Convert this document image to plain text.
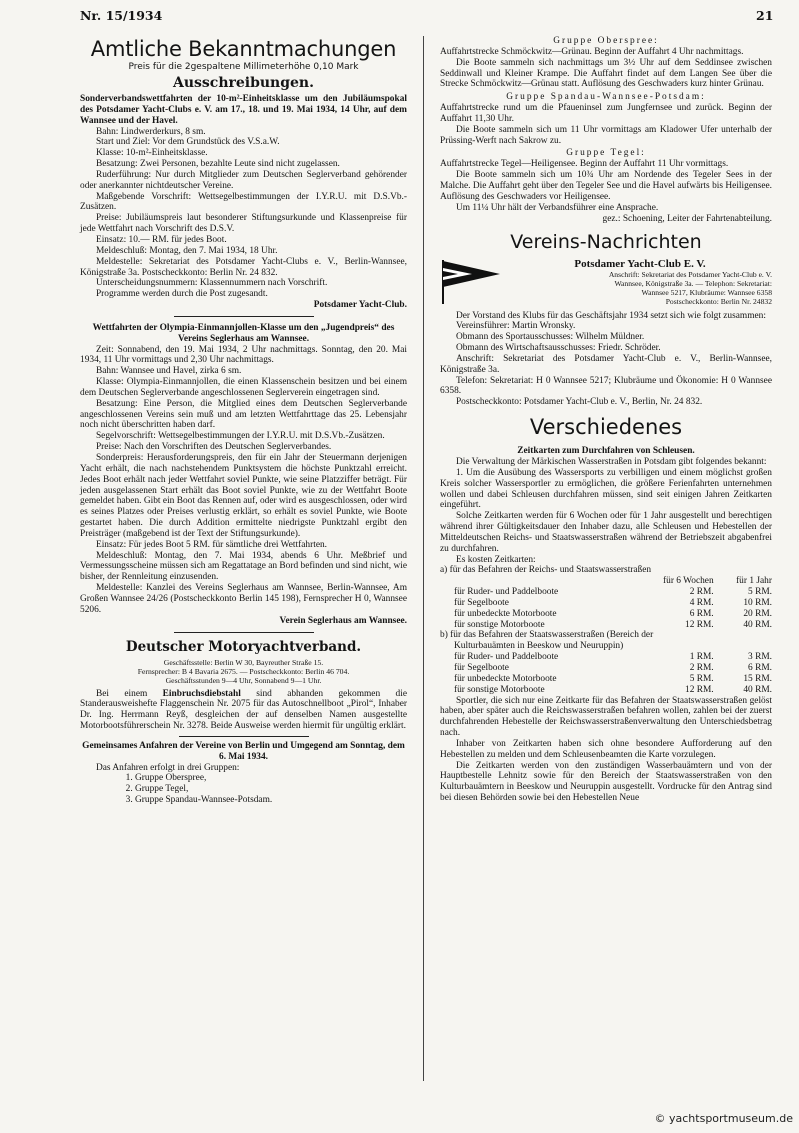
Nr. 15/1934	21
Amtliche Bekanntmachungen
Preis für die 2gespaltene Millimeterhöhe 0,10 Mark
Ausschreibungen.

Sonderverbandswettfahrten der 10-m²-Einheitsklasse um den Jubiläumspokal des Potsdamer Yacht-Clubs e. V. am 17., 18. und 19. Mai 1934, 14 Uhr, auf dem Wannsee und der Havel.

Bahn: Lindwerderkurs, 8 sm.

Start und Ziel: Vor dem Grundstück des V.S.a.W.

Klasse: 10-m²-Einheitsklasse.

Besatzung: Zwei Personen, bezahlte Leute sind nicht zugelassen.

Ruderführung: Nur durch Mitglieder zum Deutschen Seglerverband gehörender oder anerkannter nichtdeutscher Vereine.

Maßgebende Vorschrift: Wettsegelbestimmungen der I.Y.R.U. mit D.S.Vb.-Zusätzen.

Preise: Jubiläumspreis laut besonderer Stiftungsurkunde und Klassenpreise für jede Wettfahrt nach Vorschrift des D.S.V.

Einsatz: 10.— RM. für jedes Boot.

Meldeschluß: Montag, den 7. Mai 1934, 18 Uhr.

Meldestelle: Sekretariat des Potsdamer Yacht-Clubs e. V., Berlin-Wannsee, Königstraße 3a. Postscheckkonto: Berlin Nr. 24 832.

Unterscheidungsnummern: Klassennummern nach Vorschrift.

Programme werden durch die Post zugesandt.

Potsdamer Yacht-Club.

Wettfahrten der Olympia-Einmannjollen-Klasse um den „Jugendpreis“ des Vereins Seglerhaus am Wannsee.

Zeit: Sonnabend, den 19. Mai 1934, 2 Uhr nachmittags. Sonntag, den 20. Mai 1934, 11 Uhr vormittags und 2,30 Uhr nachmittags.

Bahn: Wannsee und Havel, zirka 6 sm.

Klasse: Olympia-Einmannjollen, die einen Klassenschein besitzen und bei einem dem Deutschen Seglerverbande angeschlossenen Seglerverein eingetragen sind.

Besatzung: Eine Person, die Mitglied eines dem Deutschen Seglerverbande angeschlossenen Vereins sein muß und am letzten Wettfahrttage das 25. Lebensjahr noch nicht überschritten haben darf.

Segelvorschrift: Wettsegelbestimmungen der I.Y.R.U. mit D.S.Vb.-Zusätzen.

Preise: Nach den Vorschriften des Deutschen Seglerverbandes.

Sonderpreis: Herausforderungspreis, den für ein Jahr der Steuermann derjenigen Yacht erhält, die nach nachstehendem Punktsystem die höchste Punktzahl erreicht. Jedes Boot erhält nach jeder Wettfahrt soviel Punkte, wie seine Platzziffer beträgt. Für jeden ausgelassenen Start erhält das Boot soviel Punkte, wie zu der Wettfahrt Boote gemeldet haben. Gibt ein Boot das Rennen auf, oder wird es ausgeschlossen, oder wird es seines Platzes oder Preises verlustig erklärt, so erhält es soviel Punkte, wie Boote gestartet haben. Die durch Addition ermittelte niedrigste Punktzahl ergibt den Preisträger (maßgebend ist der Text der Stiftungsurkunde).

Einsatz: Für jedes Boot 5 RM. für sämtliche drei Wettfahrten.

Meldeschluß: Montag, den 7. Mai 1934, abends 6 Uhr. Meßbrief und Vermessungsscheine müssen sich am Regattatage an Bord befinden und sind nicht, wie bisher, der Rennleitung einzusenden.

Meldestelle: Kanzlei des Vereins Seglerhaus am Wannsee, Berlin-Wannsee, Am Großen Wannsee 24/26 (Postscheckkonto Berlin 145 198), Fernsprecher H 0, Wannsee 5206.

Verein Seglerhaus am Wannsee.

Deutscher Motoryachtverband.
Geschäftsstelle: Berlin W 30, Bayreuther Straße 15.
Fernsprecher: B 4 Bavaria 2675. — Postscheckkonto: Berlin 46 704.
Geschäftsstunden 9—4 Uhr, Sonnabend 9—1 Uhr.

Bei einem Einbruchsdiebstahl sind abhanden gekommen die Standerausweishefte Flaggenschein Nr. 2075 für das Autoschnellboot „Pirol“, Inhaber Dr. Ing. Herrmann Reyß, desgleichen der auf denselben Namen ausgestellte Motorbootsführerschein Nr. 3278. Beide Ausweise werden hiermit für ungültig erklärt.

Gemeinsames Anfahren der Vereine von Berlin und Umgegend am Sonntag, dem 6. Mai 1934.

Das Anfahren erfolgt in drei Gruppen:

1. Gruppe Oberspree,
2. Gruppe Tegel,
3. Gruppe Spandau-Wannsee-Potsdam.

Gruppe Oberspree:

Auffahrtstrecke Schmöckwitz—Grünau. Beginn der Auffahrt 4 Uhr nachmittags.

Die Boote sammeln sich nachmittags um 3½ Uhr auf dem Seddinsee zwischen Seddinwall und Kleiner Krampe. Die Auffahrt findet auf dem Langen See über die Strecke Schmöckwitz—Grünau statt. Auflösung des Geschwaders kurz hinter Grünau.

Gruppe Spandau-Wannsee-Potsdam:

Auffahrtstrecke rund um die Pfaueninsel zum Jungfernsee und zurück. Beginn der Auffahrt 11,30 Uhr.

Die Boote sammeln sich um 11 Uhr vormittags am Kladower Ufer unterhalb der Prüssing-Werft nach Sakrow zu.

Gruppe Tegel:

Auffahrtstrecke Tegel—Heiligensee. Beginn der Auffahrt 11 Uhr vormittags.

Die Boote sammeln sich um 10¾ Uhr am Nordende des Tegeler Sees in der Malche. Die Auffahrt geht über den Tegeler See und die Havel aufwärts bis Heiligensee. Auflösung des Geschwaders vor Heiligensee.

Um 11¼ Uhr hält der Verbandsführer eine Ansprache.

gez.: Schoening, Leiter der Fahrtenabteilung.

Vereins-Nachrichten
Potsdamer Yacht-Club E. V.
Anschrift: Sekretariat des Potsdamer Yacht-Club e. V.
Wannsee, Königstraße 3a. — Telephon: Sekretariat:
Wannsee 5217, Klubräume: Wannsee 6358
Postscheckkonto: Berlin Nr. 24832

Der Vorstand des Klubs für das Geschäftsjahr 1934 setzt sich wie folgt zusammen:

Vereinsführer: Martin Wronsky.

Obmann des Sportausschusses: Wilhelm Müldner.

Obmann des Wirtschaftsausschusses: Friedr. Schröder.

Anschrift: Sekretariat des Potsdamer Yacht-Club e. V., Berlin-Wannsee, Königstraße 3a.

Telefon: Sekretariat: H 0 Wannsee 5217; Klubräume und Ökonomie: H 0 Wannsee 6358.

Postscheckkonto: Potsdamer Yacht-Club e. V., Berlin, Nr. 24 832.

Verschiedenes

Zeitkarten zum Durchfahren von Schleusen.

Die Verwaltung der Märkischen Wasserstraßen in Potsdam gibt folgendes bekannt:

1. Um die Ausübung des Wassersports zu verbilligen und einem möglichst großen Kreis solcher Wassersportler zu ermöglichen, die größere Ferienfahrten unternehmen wollen und dabei Schleusen durchfahren müssen, sind seit einigen Jahren Zeitkarten eingeführt.

Solche Zeitkarten werden für 6 Wochen oder für 1 Jahr ausgestellt und berechtigen während ihrer Gültigkeitsdauer den Inhaber dazu, alle Schleusen und Hebestellen der Mitteldeutschen Reichs- und Staatswasserstraßen während der Betriebszeit abgabenfrei zu durchfahren.

Es kosten Zeitkarten:

a) für das Befahren der Reichs- und Staatswasserstraßen		
	für 6 Wochen	für 1 Jahr
für Ruder- und Paddelboote	2 RM.	5 RM.
für Segelboote	4 RM.	10 RM.
für unbedeckte Motorboote	6 RM.	20 RM.
für sonstige Motorboote	12 RM.	40 RM.
b) für das Befahren der Staatswasserstraßen (Bereich der		
Kulturbauämten in Beeskow und Neuruppin)		
für Ruder- und Paddelboote	1 RM.	3 RM.
für Segelboote	2 RM.	6 RM.
für unbedeckte Motorboote	5 RM.	15 RM.
für sonstige Motorboote	12 RM.	40 RM.

Sportler, die sich nur eine Zeitkarte für das Befahren der Staatswasserstraßen gelöst haben, aber später auch die Reichswasserstraßen befahren wollen, zahlen bei der zuerst durchfahrenden Hebestelle der Reichswasserstraßenverwaltung den Unterschiedsbetrag nach.

Inhaber von Zeitkarten haben sich ohne besondere Aufforderung auf den Hebestellen zu melden und dem Schleusenbeamten die Karte vorzulegen.

Die Zeitkarten werden von den zuständigen Wasserbauämtern und von der Hauptbestelle Lehnitz sowie für den Bereich der Staatswasserstraßen von den Kulturbauämtern in Beeskow und Neuruppin ausgestellt. Vordrucke für den Antrag sind bei diesen Behörden sowie bei den Hebestellen Neue

© yachtsportmuseum.de
